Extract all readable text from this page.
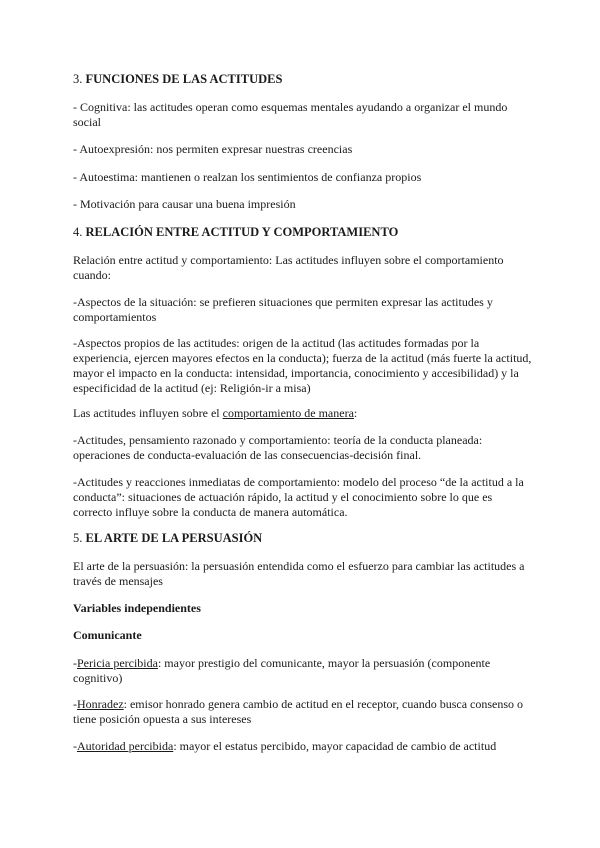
3. FUNCIONES DE LAS ACTITUDES

- Cognitiva: las actitudes operan como esquemas mentales ayudando a organizar el mundo social

- Autoexpresión: nos permiten expresar nuestras creencias

- Autoestima: mantienen o realzan los sentimientos de confianza propios

- Motivación para causar una buena impresión

4. RELACIÓN ENTRE ACTITUD Y COMPORTAMIENTO

Relación entre actitud y comportamiento: Las actitudes influyen sobre el comportamiento cuando:

-Aspectos de la situación: se prefieren situaciones que permiten expresar las actitudes y comportamientos

-Aspectos propios de las actitudes: origen de la actitud (las actitudes formadas por la experiencia, ejercen mayores efectos en la conducta); fuerza de la actitud (más fuerte la actitud, mayor el impacto en la conducta: intensidad, importancia, conocimiento y accesibilidad) y la especificidad de la actitud (ej: Religión-ir a misa)

Las actitudes influyen sobre el comportamiento de manera:

-Actitudes, pensamiento razonado y comportamiento: teoría de la conducta planeada: operaciones de conducta-evaluación de las consecuencias-decisión final.

-Actitudes y reacciones inmediatas de comportamiento: modelo del proceso “de la actitud a la conducta”: situaciones de actuación rápido, la actitud y el conocimiento sobre lo que es correcto influye sobre la conducta de manera automática.

5. EL ARTE DE LA PERSUASIÓN

El arte de la persuasión: la persuasión entendida como el esfuerzo para cambiar las actitudes a través de mensajes

Variables independientes

Comunicante

-Pericia percibida: mayor prestigio del comunicante, mayor la persuasión (componente cognitivo)

-Honradez: emisor honrado genera cambio de actitud en el receptor, cuando busca consenso o tiene posición opuesta a sus intereses

-Autoridad percibida: mayor el estatus percibido, mayor capacidad de cambio de actitud
